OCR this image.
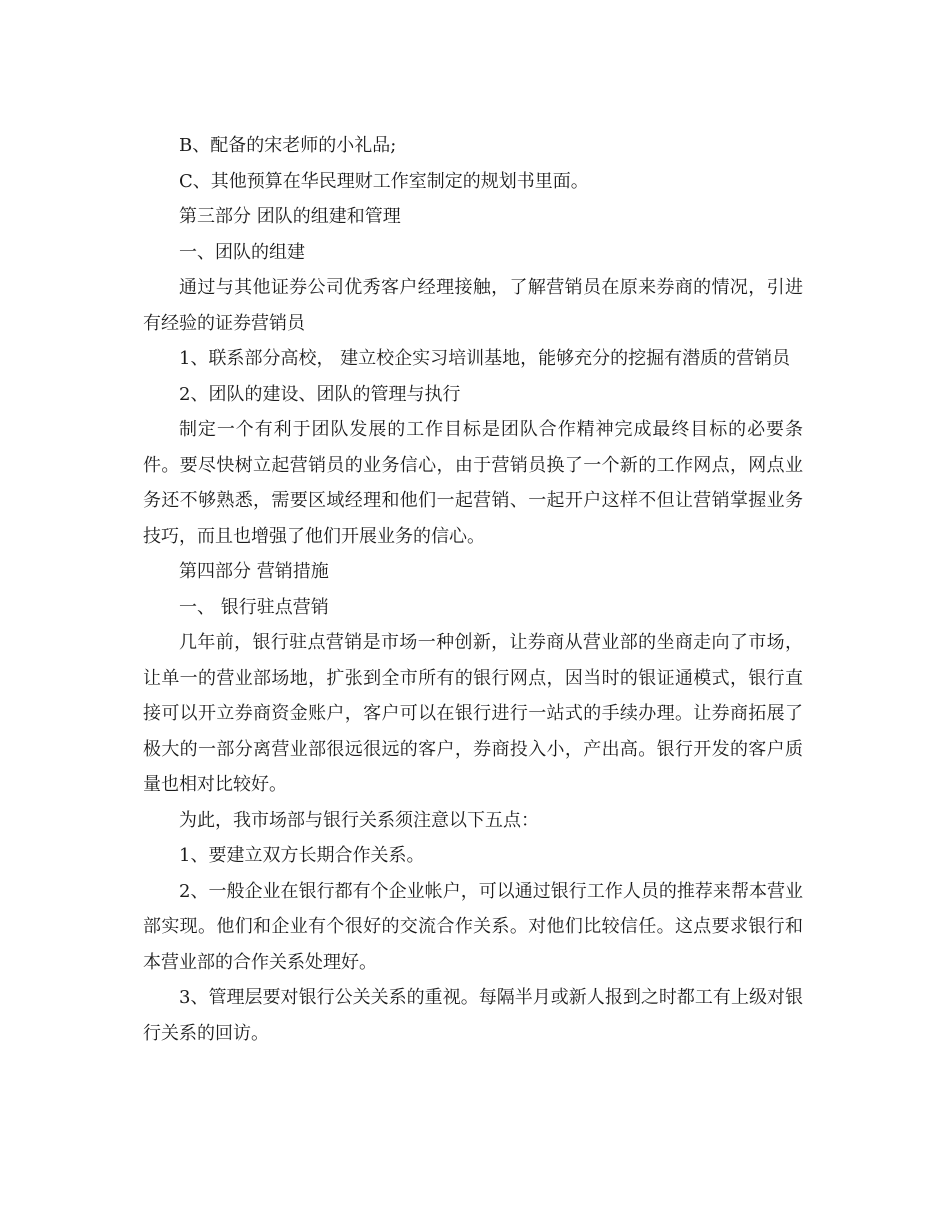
B、配备的宋老师的小礼品;

C、其他预算在华民理财工作室制定的规划书里面。

第三部分 团队的组建和管理

一、团队的组建

通过与其他证券公司优秀客户经理接触，了解营销员在原来券商的情况，引进有经验的证券营销员

1、联系部分高校， 建立校企实习培训基地，能够充分的挖掘有潜质的营销员

2、团队的建设、团队的管理与执行

制定一个有利于团队发展的工作目标是团队合作精神完成最终目标的必要条件。要尽快树立起营销员的业务信心，由于营销员换了一个新的工作网点，网点业务还不够熟悉，需要区域经理和他们一起营销、一起开户这样不但让营销掌握业务技巧，而且也增强了他们开展业务的信心。

第四部分 营销措施

一、 银行驻点营销

几年前，银行驻点营销是市场一种创新，让券商从营业部的坐商走向了市场，让单一的营业部场地，扩张到全市所有的银行网点，因当时的银证通模式，银行直接可以开立券商资金账户，客户可以在银行进行一站式的手续办理。让券商拓展了极大的一部分离营业部很远很远的客户，券商投入小，产出高。银行开发的客户质量也相对比较好。

为此，我市场部与银行关系须注意以下五点：

1、要建立双方长期合作关系。

2、一般企业在银行都有个企业帐户，可以通过银行工作人员的推荐来帮本营业部实现。他们和企业有个很好的交流合作关系。对他们比较信任。这点要求银行和本营业部的合作关系处理好。

3、管理层要对银行公关关系的重视。每隔半月或新人报到之时都工有上级对银行关系的回访。
